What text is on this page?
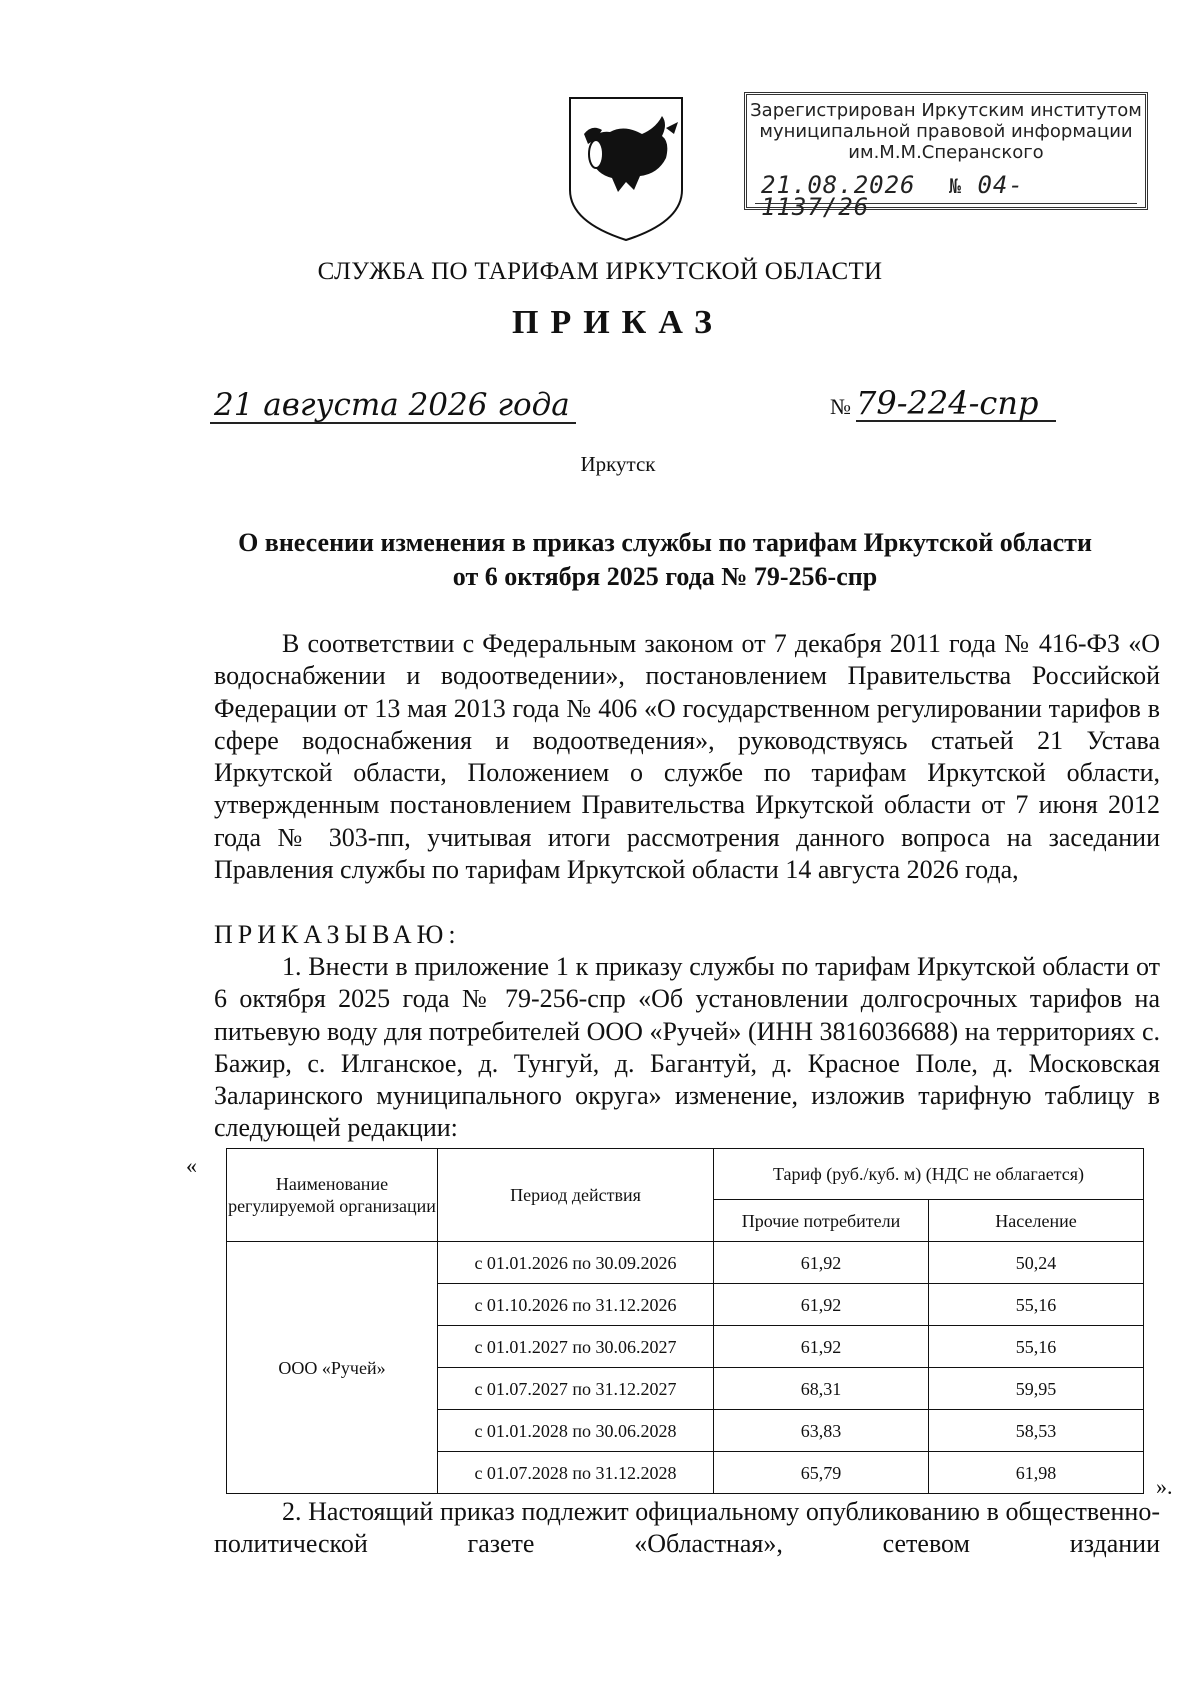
Зарегистрирован Иркутским институтом
муниципальной правовой информации
им.М.М.Сперанского
21.08.2026 № 04-1137/26
СЛУЖБА ПО ТАРИФАМ ИРКУТСКОЙ ОБЛАСТИ
ПРИКАЗ
21 августа 2026 года	№ 79-224-спр
Иркутск
О внесении изменения в приказ службы по тарифам Иркутской области
от 6 октября 2025 года № 79-256-спр
В соответствии с Федеральным законом от 7 декабря 2011 года № 416-ФЗ «О водоснабжении и водоотведении», постановлением Правительства Российской Федерации от 13 мая 2013 года № 406 «О государственном регулировании тарифов в сфере водоснабжения и водоотведения», руководствуясь статьей 21 Устава Иркутской области, Положением о службе по тарифам Иркутской области, утвержденным постановлением Правительства Иркутской области от 7 июня 2012 года № 303-пп, учитывая итоги рассмотрения данного вопроса на заседании Правления службы по тарифам Иркутской области 14 августа 2026 года,
ПРИКАЗЫВАЮ:
1. Внести в приложение 1 к приказу службы по тарифам Иркутской области от 6 октября 2025 года № 79-256-спр «Об установлении долгосрочных тарифов на питьевую воду для потребителей ООО «Ручей» (ИНН 3816036688) на территориях с. Бажир, с. Илганское, д. Тунгуй, д. Багантуй, д. Красное Поле, д. Московская Заларинского муниципального округа» изменение, изложив тарифную таблицу в следующей редакции:
«
Наименование регулируемой организации	Период действия	Тариф (руб./куб. м) (НДС не облагается)	
		Прочие потребители	Население
ООО «Ручей»	с 01.01.2026 по 30.09.2026	61,92	50,24
	с 01.10.2026 по 31.12.2026	61,92	55,16
	с 01.01.2027 по 30.06.2027	61,92	55,16
	с 01.07.2027 по 31.12.2027	68,31	59,95
	с 01.01.2028 по 30.06.2028	63,83	58,53
	с 01.07.2028 по 31.12.2028	65,79	61,98
».
2. Настоящий приказ подлежит официальному опубликованию в общественно-политической газете «Областная», сетевом издании
